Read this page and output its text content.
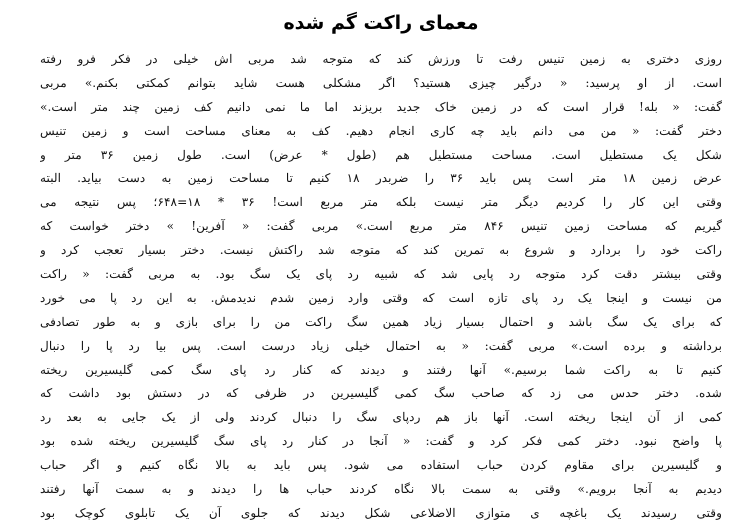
معمای راکت گم شده
روزی دختری به زمین تنیس رفت تا ورزش کند که متوجه شد مربی اش خیلی در فکر فرو رفته
است. از او پرسید: « درگیر چیزی هستید؟ اگر مشکلی هست شاید بتوانم کمکتی بکنم.» مربی
گفت: « بله! قرار است که در زمین خاک جدید بریزند اما ما نمی دانیم کف زمین چند متر است.»
دختر گفت: « من می دانم باید چه کاری انجام دهیم. کف به معنای مساحت است و زمین تنیس
شکل یک مستطیل است. مساحت مستطیل هم (طول * عرض) است. طول زمین ۳۶ متر و
عرض زمین ۱۸ متر است پس باید ۳۶ را ضربدر ۱۸ کنیم تا مساحت زمین به دست بیاید. البته
وقتی این کار را کردیم دیگر متر نیست بلکه متر مربع است! ۳۶ * ۱۸=۶۴۸؛ پس نتیجه می
گیریم که مساحت زمین تنیس ۸۴۶ متر مربع است.» مربی گفت: « آفرین! » دختر خواست که
راکت خود را بردارد و شروع به تمرین کند که متوجه شد راکتش نیست. دختر بسیار تعجب کرد و
وقتی بیشتر دقت کرد متوجه رد پایی شد که شبیه رد پای یک سگ بود. به مربی گفت: « راکت
من نیست و اینجا یک رد پای تازه است که وقتی وارد زمین شدم ندیدمش. به این رد پا می خورد
که برای یک سگ باشد و احتمال بسیار زیاد همین سگ راکت من را برای بازی و به طور تصادفی
برداشته و برده است.» مربی گفت: « به احتمال خیلی زیاد درست است. پس بیا رد پا را دنبال
کنیم تا به راکت شما برسیم.» آنها رفتند و دیدند که کنار رد پای سگ کمی گلیسیرین ریخته
شده. دختر حدس می زد که صاحب سگ کمی گلیسیرین در ظرفی که در دستش بود داشت که
کمی از آن اینجا ریخته است. آنها باز هم ردپای سگ را دنبال کردند ولی از یک جایی به بعد رد
پا واضح نبود. دختر کمی فکر کرد و گفت: « آنجا در کنار رد پای سگ گلیسیرین ریخته شده بود
و گلیسیرین برای مقاوم کردن حباب استفاده می شود. پس باید به بالا نگاه کنیم و اگر حباب
دیدیم به آنجا برویم.» وقتی به سمت بالا نگاه کردند حباب ها را دیدند و به سمت آنها رفتند
وقتی رسیدند یک باغچه ی متوازی الاضلاعی شکل دیدند که جلوی آن یک تابلوی کوچک بود
